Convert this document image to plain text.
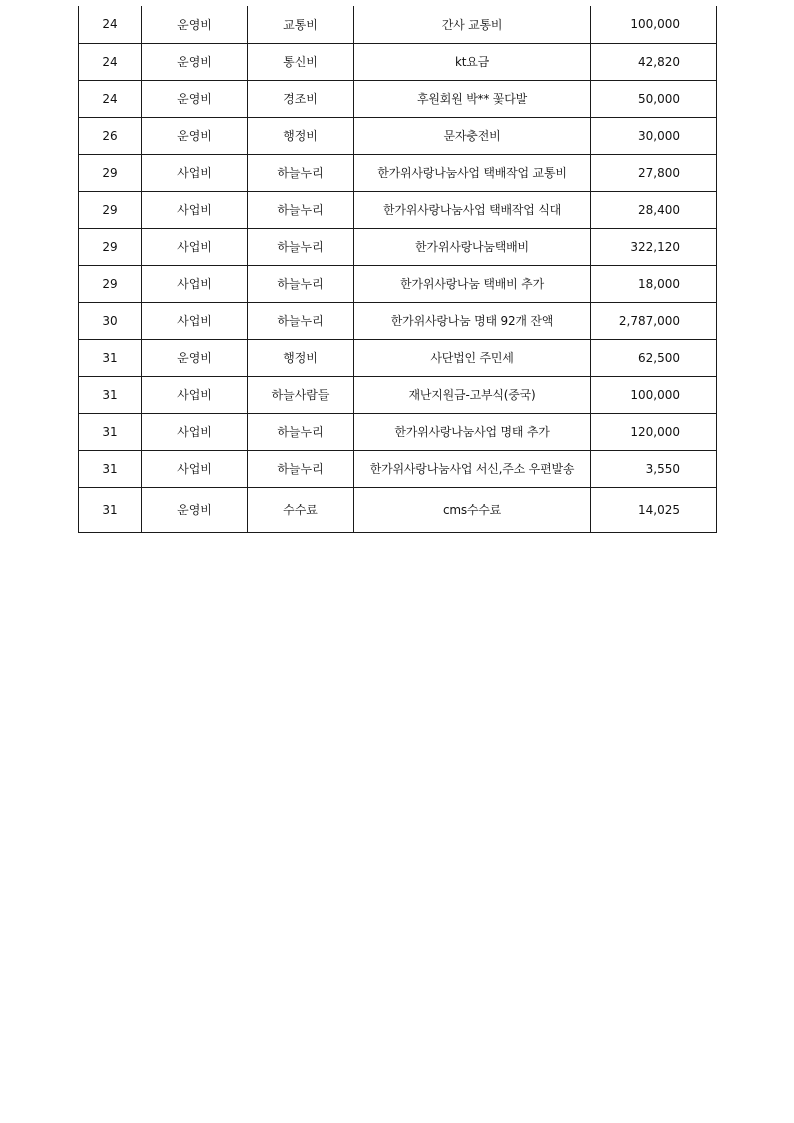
24	운영비	교통비	간사 교통비	100,000
24	운영비	통신비	kt요금	42,820
24	운영비	경조비	후원회원 박** 꽃다발	50,000
26	운영비	행정비	문자충전비	30,000
29	사업비	하늘누리	한가위사랑나눔사업 택배작업 교통비	27,800
29	사업비	하늘누리	한가위사랑나눔사업 택배작업 식대	28,400
29	사업비	하늘누리	한가위사랑나눔택배비	322,120
29	사업비	하늘누리	한가위사랑나눔 택배비 추가	18,000
30	사업비	하늘누리	한가위사랑나눔 명태 92개 잔액	2,787,000
31	운영비	행정비	사단법인 주민세	62,500
31	사업비	하늘사람들	재난지원금-고부식(중국)	100,000
31	사업비	하늘누리	한가위사랑나눔사업 명태 추가	120,000
31	사업비	하늘누리	한가위사랑나눔사업 서신,주소 우편발송	3,550
31	운영비	수수료	cms수수료	14,025
